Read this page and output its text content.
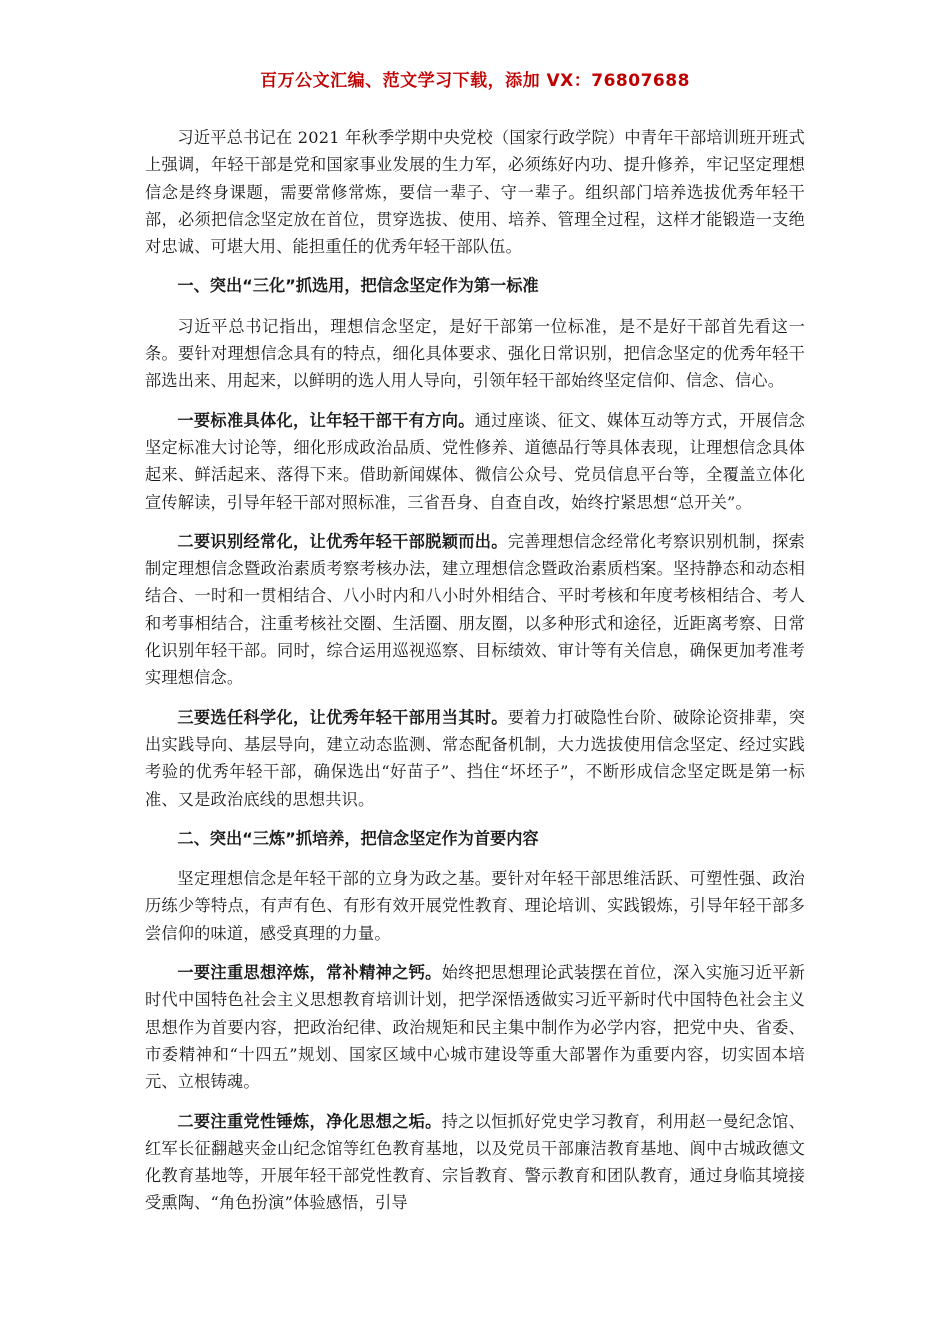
百万公文汇编、范文学习下载，添加 VX：76807688

习近平总书记在 2021 年秋季学期中央党校（国家行政学院）中青年干部培训班开班式上强调，年轻干部是党和国家事业发展的生力军，必须练好内功、提升修养，牢记坚定理想信念是终身课题，需要常修常炼，要信一辈子、守一辈子。组织部门培养选拔优秀年轻干部，必须把信念坚定放在首位，贯穿选拔、使用、培养、管理全过程，这样才能锻造一支绝对忠诚、可堪大用、能担重任的优秀年轻干部队伍。

一、突出“三化”抓选用，把信念坚定作为第一标准

习近平总书记指出，理想信念坚定，是好干部第一位标准，是不是好干部首先看这一条。要针对理想信念具有的特点，细化具体要求、强化日常识别，把信念坚定的优秀年轻干部选出来、用起来，以鲜明的选人用人导向，引领年轻干部始终坚定信仰、信念、信心。

一要标准具体化，让年轻干部干有方向。通过座谈、征文、媒体互动等方式，开展信念坚定标准大讨论等，细化形成政治品质、党性修养、道德品行等具体表现，让理想信念具体起来、鲜活起来、落得下来。借助新闻媒体、微信公众号、党员信息平台等，全覆盖立体化宣传解读，引导年轻干部对照标准，三省吾身、自查自改，始终拧紧思想“总开关”。

二要识别经常化，让优秀年轻干部脱颖而出。完善理想信念经常化考察识别机制，探索制定理想信念暨政治素质考察考核办法，建立理想信念暨政治素质档案。坚持静态和动态相结合、一时和一贯相结合、八小时内和八小时外相结合、平时考核和年度考核相结合、考人和考事相结合，注重考核社交圈、生活圈、朋友圈，以多种形式和途径，近距离考察、日常化识别年轻干部。同时，综合运用巡视巡察、目标绩效、审计等有关信息，确保更加考准考实理想信念。

三要选任科学化，让优秀年轻干部用当其时。要着力打破隐性台阶、破除论资排辈，突出实践导向、基层导向，建立动态监测、常态配备机制，大力选拔使用信念坚定、经过实践考验的优秀年轻干部，确保选出“好苗子”、挡住“坏坯子”，不断形成信念坚定既是第一标准、又是政治底线的思想共识。

二、突出“三炼”抓培养，把信念坚定作为首要内容

坚定理想信念是年轻干部的立身为政之基。要针对年轻干部思维活跃、可塑性强、政治历练少等特点，有声有色、有形有效开展党性教育、理论培训、实践锻炼，引导年轻干部多尝信仰的味道，感受真理的力量。

一要注重思想淬炼，常补精神之钙。始终把思想理论武装摆在首位，深入实施习近平新时代中国特色社会主义思想教育培训计划，把学深悟透做实习近平新时代中国特色社会主义思想作为首要内容，把政治纪律、政治规矩和民主集中制作为必学内容，把党中央、省委、市委精神和“十四五”规划、国家区域中心城市建设等重大部署作为重要内容，切实固本培元、立根铸魂。

二要注重党性锤炼，净化思想之垢。持之以恒抓好党史学习教育，利用赵一曼纪念馆、红军长征翻越夹金山纪念馆等红色教育基地，以及党员干部廉洁教育基地、阆中古城政德文化教育基地等，开展年轻干部党性教育、宗旨教育、警示教育和团队教育，通过身临其境接受熏陶、“角色扮演”体验感悟，引导
